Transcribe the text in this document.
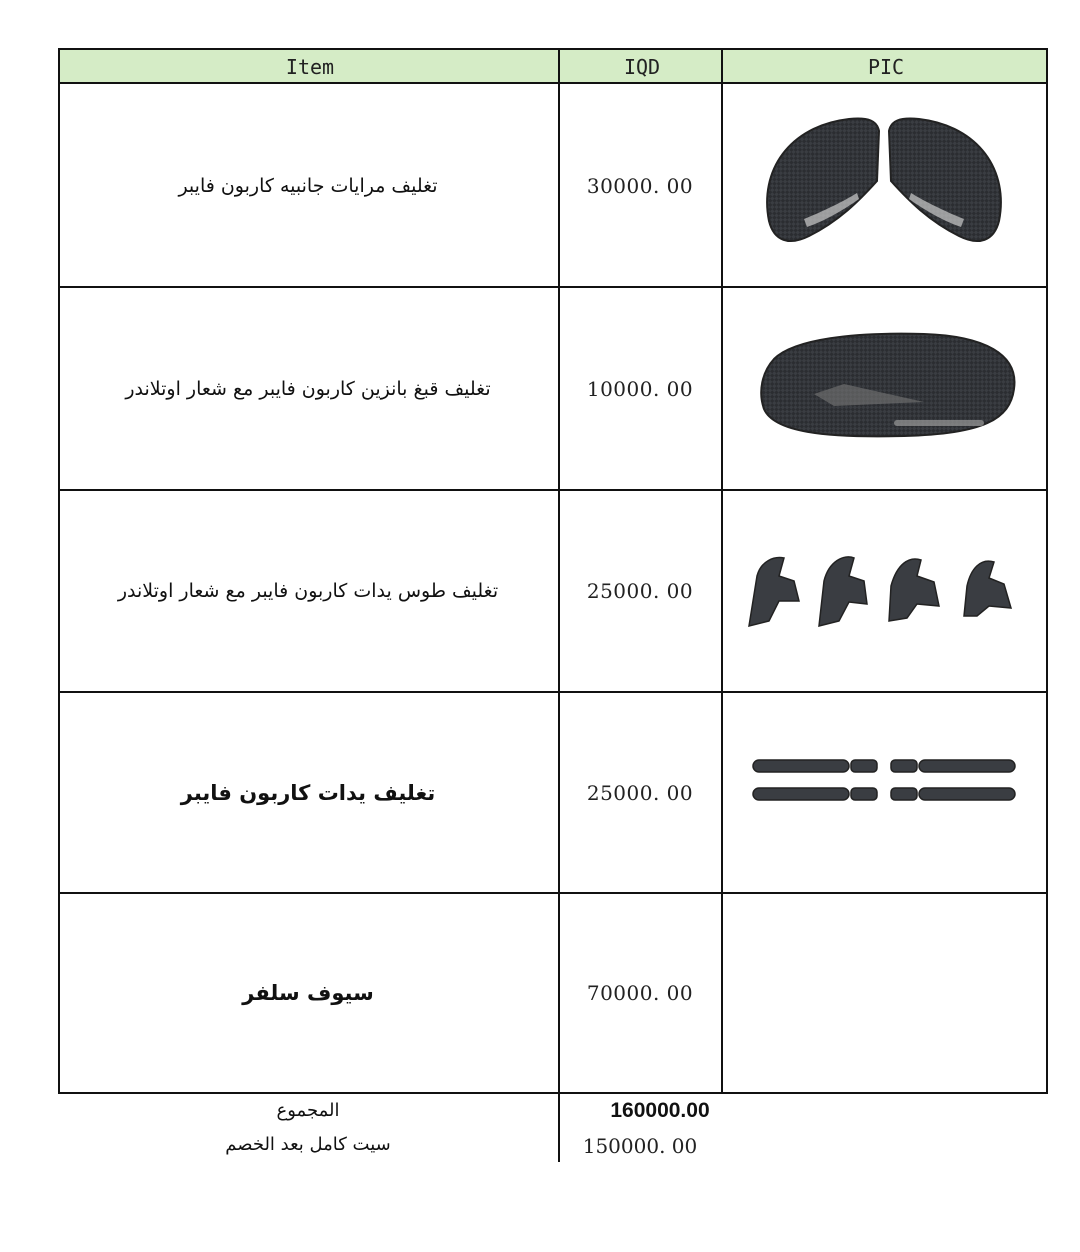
Item	IQD	PIC
تغليف مرايات جانبيه كاربون فايبر	30000. 00
تغليف قبغ بانزين كاربون فايبر مع شعار اوتلاندر	10000. 00
تغليف طوس يدات كاربون فايبر مع شعار اوتلاندر	25000. 00
تغليف يدات كاربون فايبر	25000. 00
سيوف سلفر	70000. 00
المجموع	160000.00
سيت كامل بعد الخصم	150000. 00
